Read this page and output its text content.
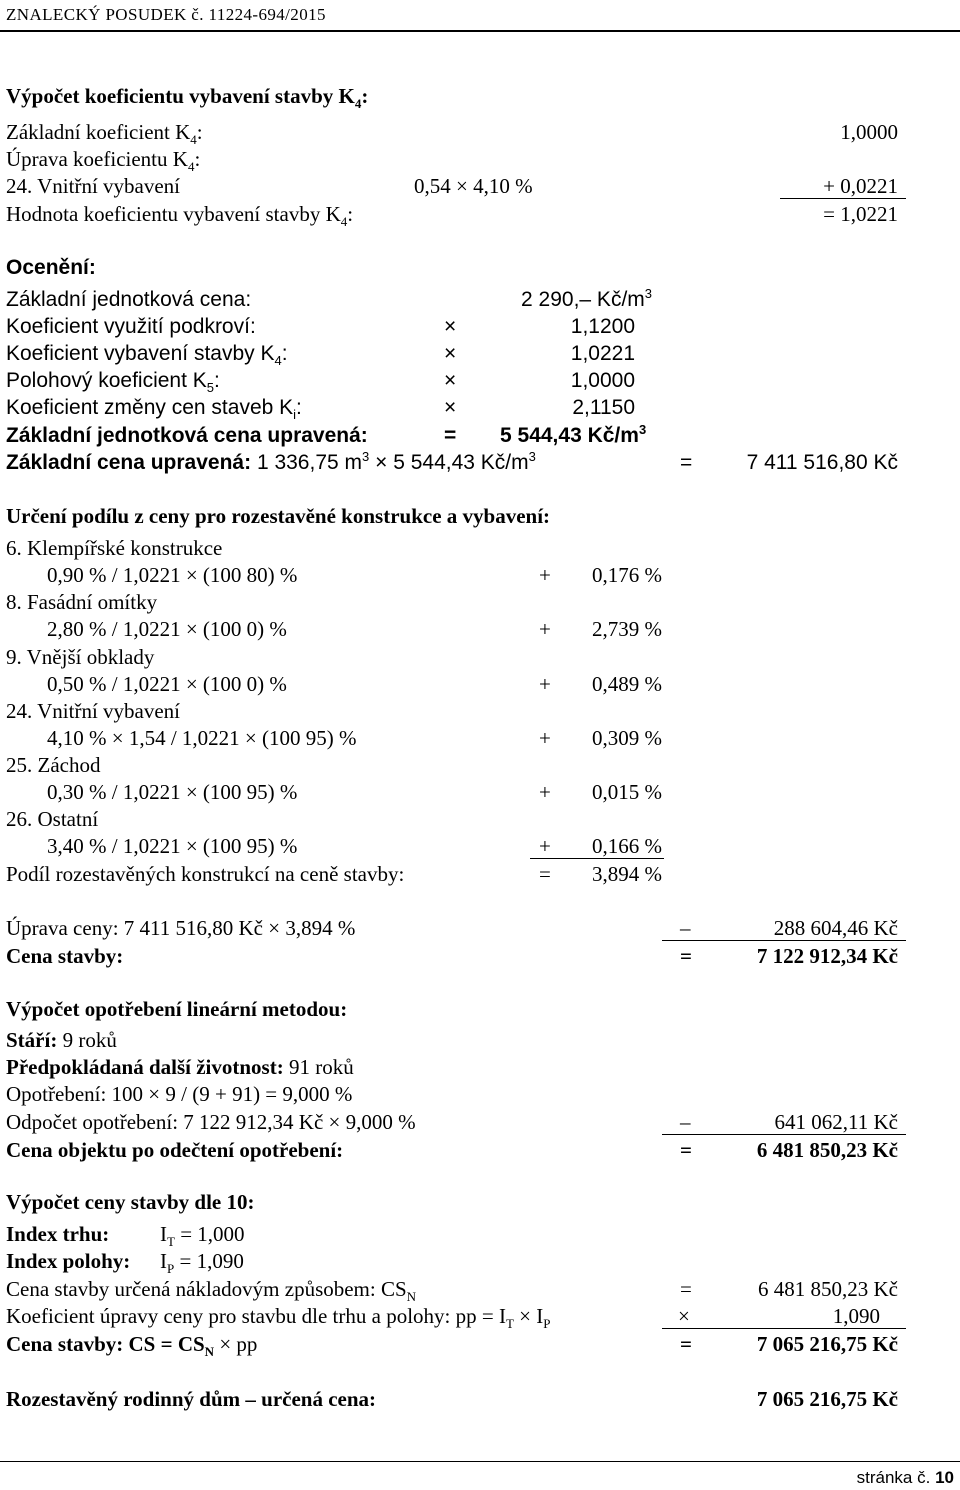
ZNALECKÝ POSUDEK č. 11224-694/2015
Výpočet koeficientu vybavení stavby $K_4$:
Základní koeficient $K_4$:	1,0000
Úprava koeficientu $K_4$:
24. Vnitřní vybavení	0,54 × 4,10 %	+ 0,0221
Hodnota koeficientu vybavení stavby $K_4$:	= 1,0221
Ocenění:
Základní jednotková cena:	2 290,– $Kč/m^3$
Koeficient využití podkroví:	×	1,1200
Koeficient vybavení stavby $K_4$:	×	1,0221
Polohový koeficient $K_5$:	×	1,0000
Koeficient změny cen staveb $K_i$:	×	2,1150
Základní jednotková cena upravená:	= 5 544,43 $Kč/m^3$
Základní cena upravená: 1 336,75 $m^3 \times 5$ 544,43 $Kč/m^3$	=	7 411 516,80 Kč
Určení podílu z ceny pro rozestavěné konstrukce a vybavení:
6. Klempířské konstrukce
0,90 % / 1,0221 × (100 80) %	+ 0,176 %
8. Fasádní omítky
2,80 % / 1,0221 × (100 0) %	+ 2,739 %
9. Vnější obklady
0,50 % / 1,0221 × (100 0) %	+ 0,489 %
24. Vnitřní vybavení
4,10 % × 1,54 / 1,0221 × (100 95) %	+ 0,309 %
25. Záchod
0,30 % / 1,0221 × (100 95) %	+ 0,015 %
26. Ostatní
3,40 % / 1,0221 × (100 95) %	+ 0,166 %
Podíl rozestavěných konstrukcí na ceně stavby:	= 3,894 %
Úprava ceny: 7 411 516,80 Kč × 3,894 %	–	288 604,46 Kč
Cena stavby:	=	7 122 912,34 Kč
Výpočet opotřebení lineární metodou:
Stáří: 9 roků
Předpokládaná další životnost: 91 roků
Opotřebení: 100 × 9 / (9 + 91) = 9,000 %
Odpočet opotřebení: 7 122 912,34 Kč × 9,000 %	–	641 062,11 Kč
Cena objektu po odečtení opotřebení:	=	6 481 850,23 Kč
Výpočet ceny stavby dle 10:
Index trhu: $I_T = 1,000$
Index polohy: $I_P = 1,090$
Cena stavby určená nákladovým způsobem: $CS_N$	=	6 481 850,23 Kč
Koeficient úpravy ceny pro stavbu dle trhu a polohy: pp = $I_T \times I_P$	×	1,090
Cena stavby: CS = $CS_N$ × pp	=	7 065 216,75 Kč
Rozestavěný rodinný dům – určená cena:	7 065 216,75 Kč
stránka č. 10
